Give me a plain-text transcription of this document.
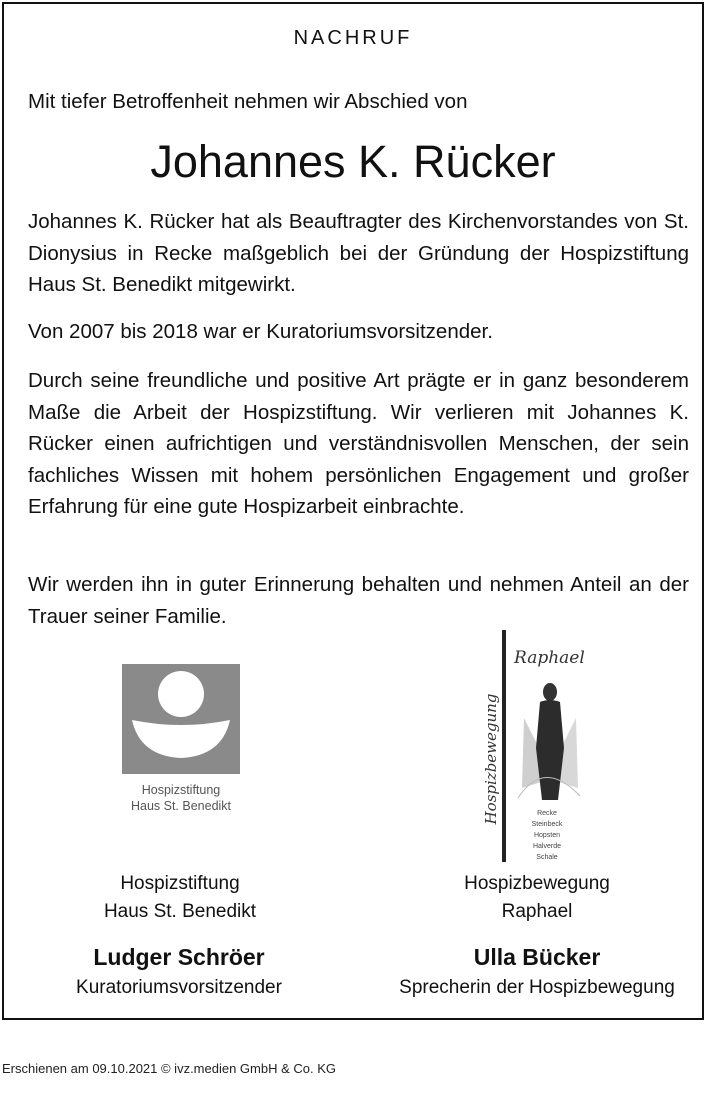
NACHRUF
Mit tiefer Betroffenheit nehmen wir Abschied von
Johannes K. Rücker

Johannes K. Rücker hat als Beauftragter des Kirchenvorstandes von St. Dionysius in Recke maßgeblich bei der Gründung der Hospizstiftung Haus St. Benedikt mitgewirkt.

Von 2007 bis 2018 war er Kuratoriumsvorsitzender.

Durch seine freundliche und positive Art prägte er in ganz besonderem Maße die Arbeit der Hospizstiftung. Wir verlieren mit Johannes K. Rücker einen aufrichtigen und verständnisvollen Menschen, der sein fachliches Wissen mit hohem persönlichen Engagement und großer Erfahrung für eine gute Hospizarbeit einbrachte.

Wir werden ihn in guter Erinnerung behalten und nehmen Anteil an der Trauer seiner Familie.

Hospizstiftung
Haus St. Benedikt
Raphael
Hospizbewegung	Recke
Steinbeck
Hopsten
Halverde
Schale
Hospizstiftung
Haus St. Benedikt
Hospizbewegung
Raphael
Ludger Schröer	Ulla Bücker
Kuratoriumsvorsitzender	Sprecherin der Hospizbewegung
Erschienen am 09.10.2021 © ivz.medien GmbH & Co. KG
